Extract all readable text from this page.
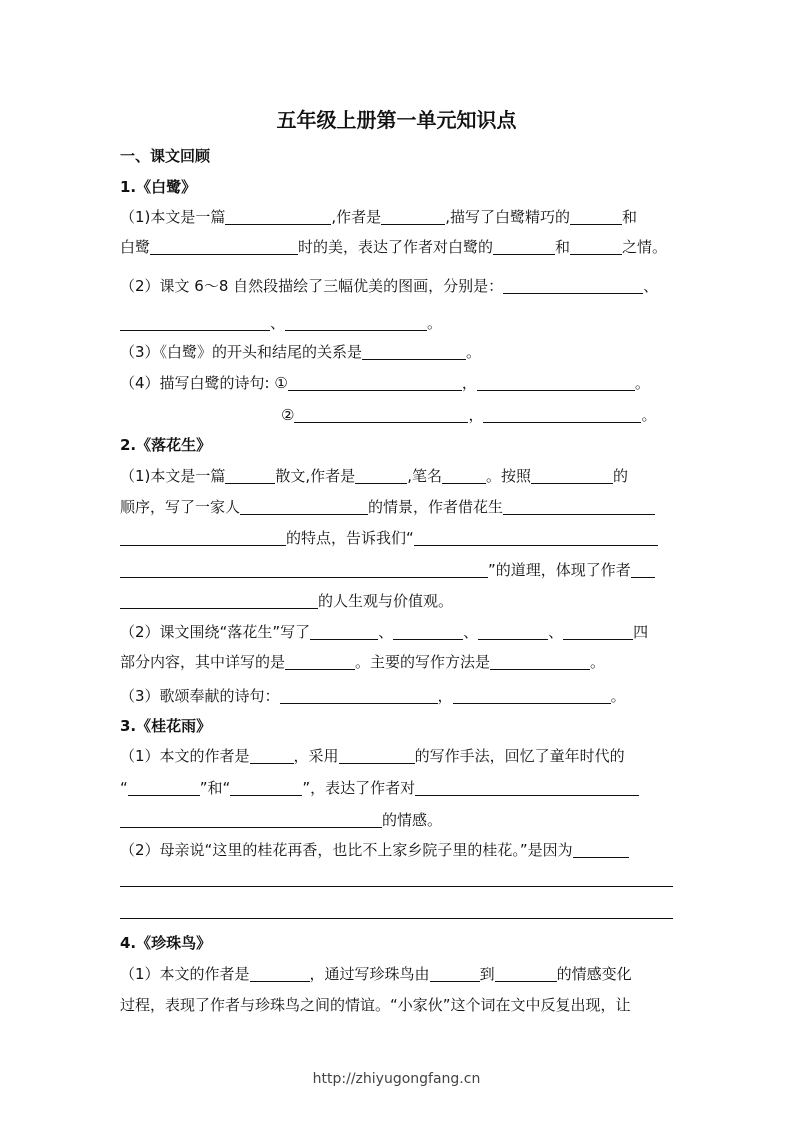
五年级上册第一单元知识点
一、课文回顾
1.《白鹭》
（1)本文是一篇	,作者是	,描写了白鹭精巧的	和
白鹭	时的美，表达了作者对白鹭的	和	之情。
（2）课文 6～8 自然段描绘了三幅优美的图画，分别是：	、
、	。
（3）《白鹭》的开头和结尾的关系是	。
（4）描写白鹭的诗句: ①	，	。
②	，	。
2.《落花生》
（1)本文是一篇	散文,作者是	,笔名	。按照	的
顺序，写了一家人	的情景，作者借花生
的特点，告诉我们“
”的道理，体现了作者
的人生观与价值观。
（2）课文围绕“落花生”写了	、	、	、	四
部分内容，其中详写的是	。主要的写作方法是	。
（3）歌颂奉献的诗句：	，	。
3.《桂花雨》
（1）本文的作者是	，采用	的写作手法，回忆了童年时代的
“	”和“	”，表达了作者对
的情感。
（2）母亲说“这里的桂花再香，也比不上家乡院子里的桂花。”是因为
4.《珍珠鸟》
（1）本文的作者是	，通过写珍珠鸟由	到	的情感变化
过程，表现了作者与珍珠鸟之间的情谊。“小家伙”这个词在文中反复出现，让
http://zhiyugongfang.cn
